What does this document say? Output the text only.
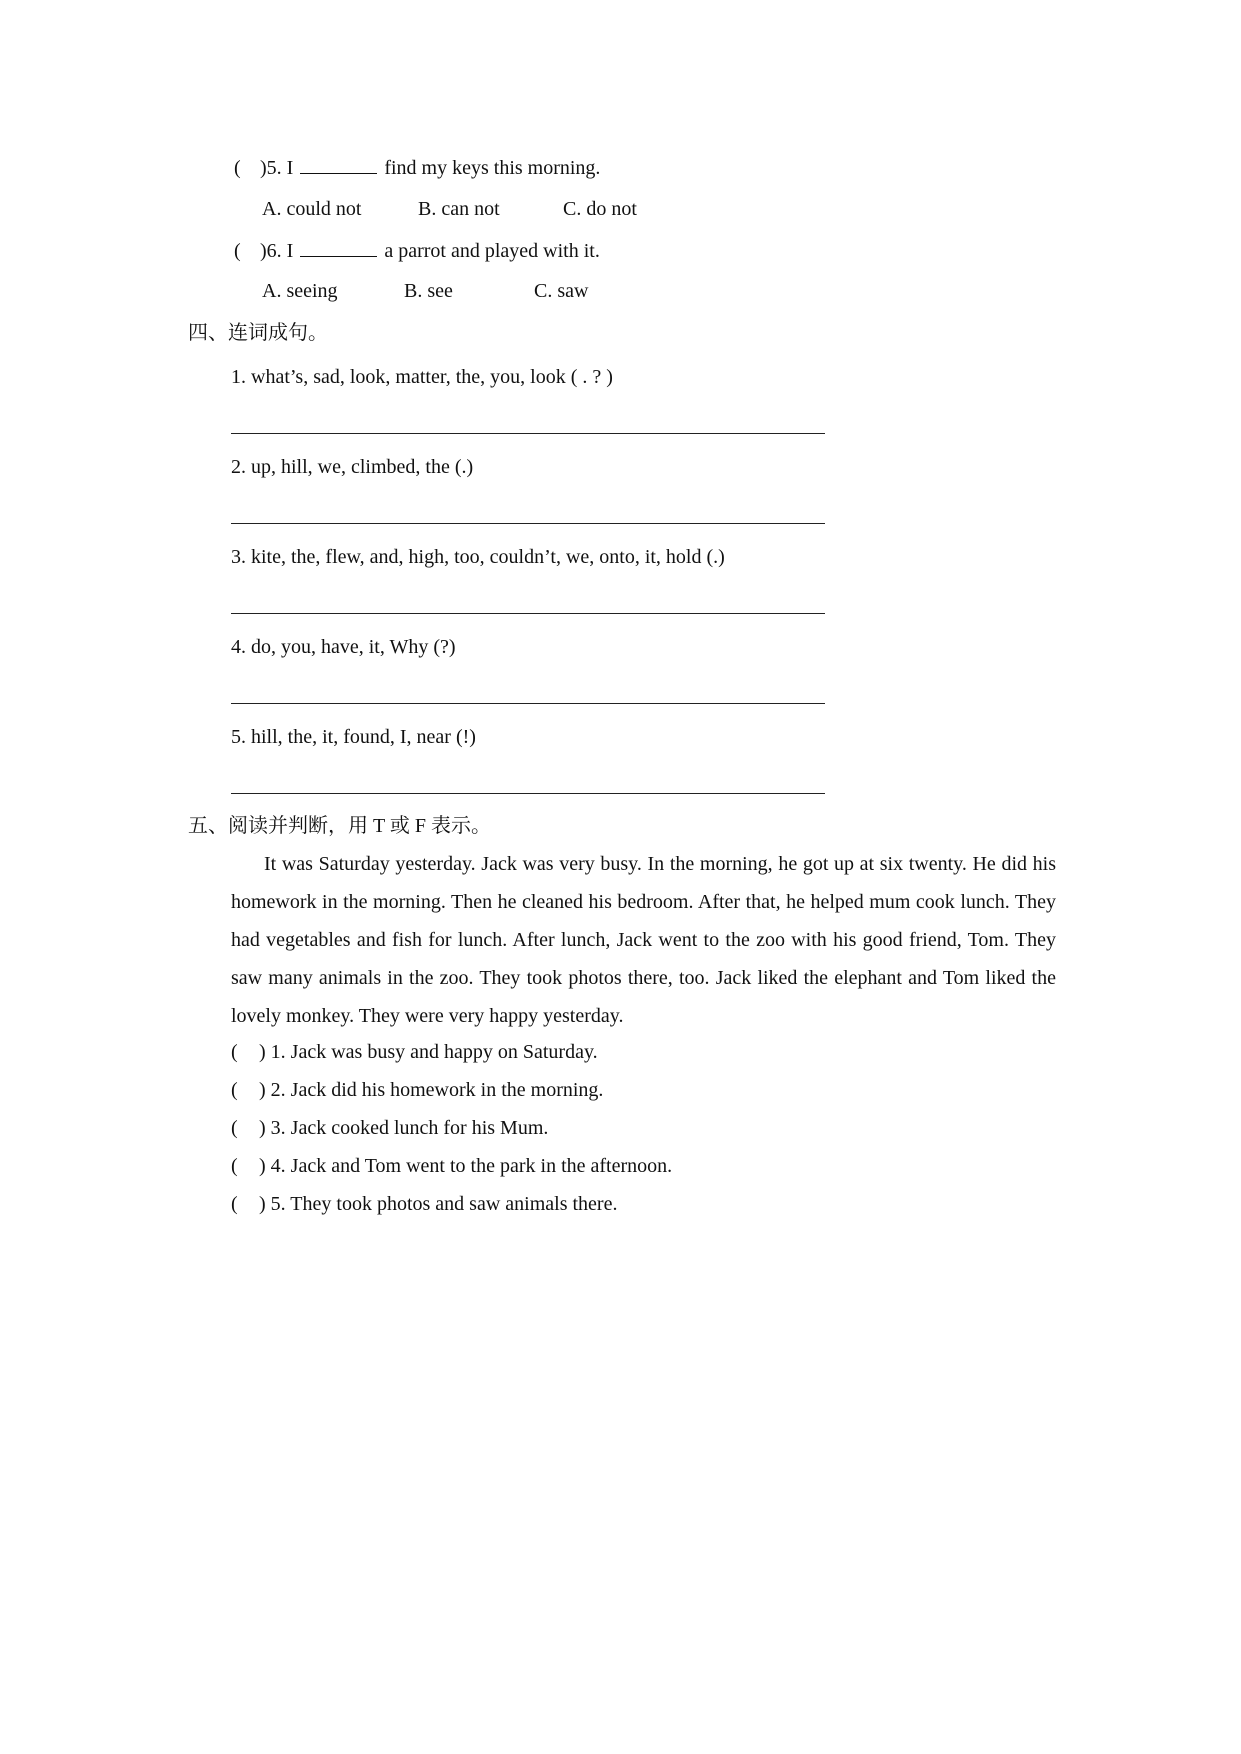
( )5. I	find my keys this morning.
A. could not	B. can not	C. do not
( )6. I	a parrot and played with it.
A. seeing	B. see	C. saw
四、连词成句。
1. what’s, sad, look, matter, the, you, look ( . ? )
2. up, hill, we, climbed, the (.)
3. kite, the, flew, and, high, too, couldn’t, we, onto, it, hold (.)
4. do, you, have, it, Why (?)
5. hill, the, it, found, I, near (!)
五、阅读并判断，用 T 或 F 表示。
It was Saturday yesterday. Jack was very busy. In the morning, he got up at six twenty. He did his homework in the morning. Then he cleaned his bedroom. After that, he helped mum cook lunch. They had vegetables and fish for lunch. After lunch, Jack went to the zoo with his good friend, Tom. They saw many animals in the zoo. They took photos there, too. Jack liked the elephant and Tom liked the lovely monkey. They were very happy yesterday.
( ) 1. Jack was busy and happy on Saturday.
( ) 2. Jack did his homework in the morning.
( ) 3. Jack cooked lunch for his Mum.
( ) 4. Jack and Tom went to the park in the afternoon.
( ) 5. They took photos and saw animals there.
